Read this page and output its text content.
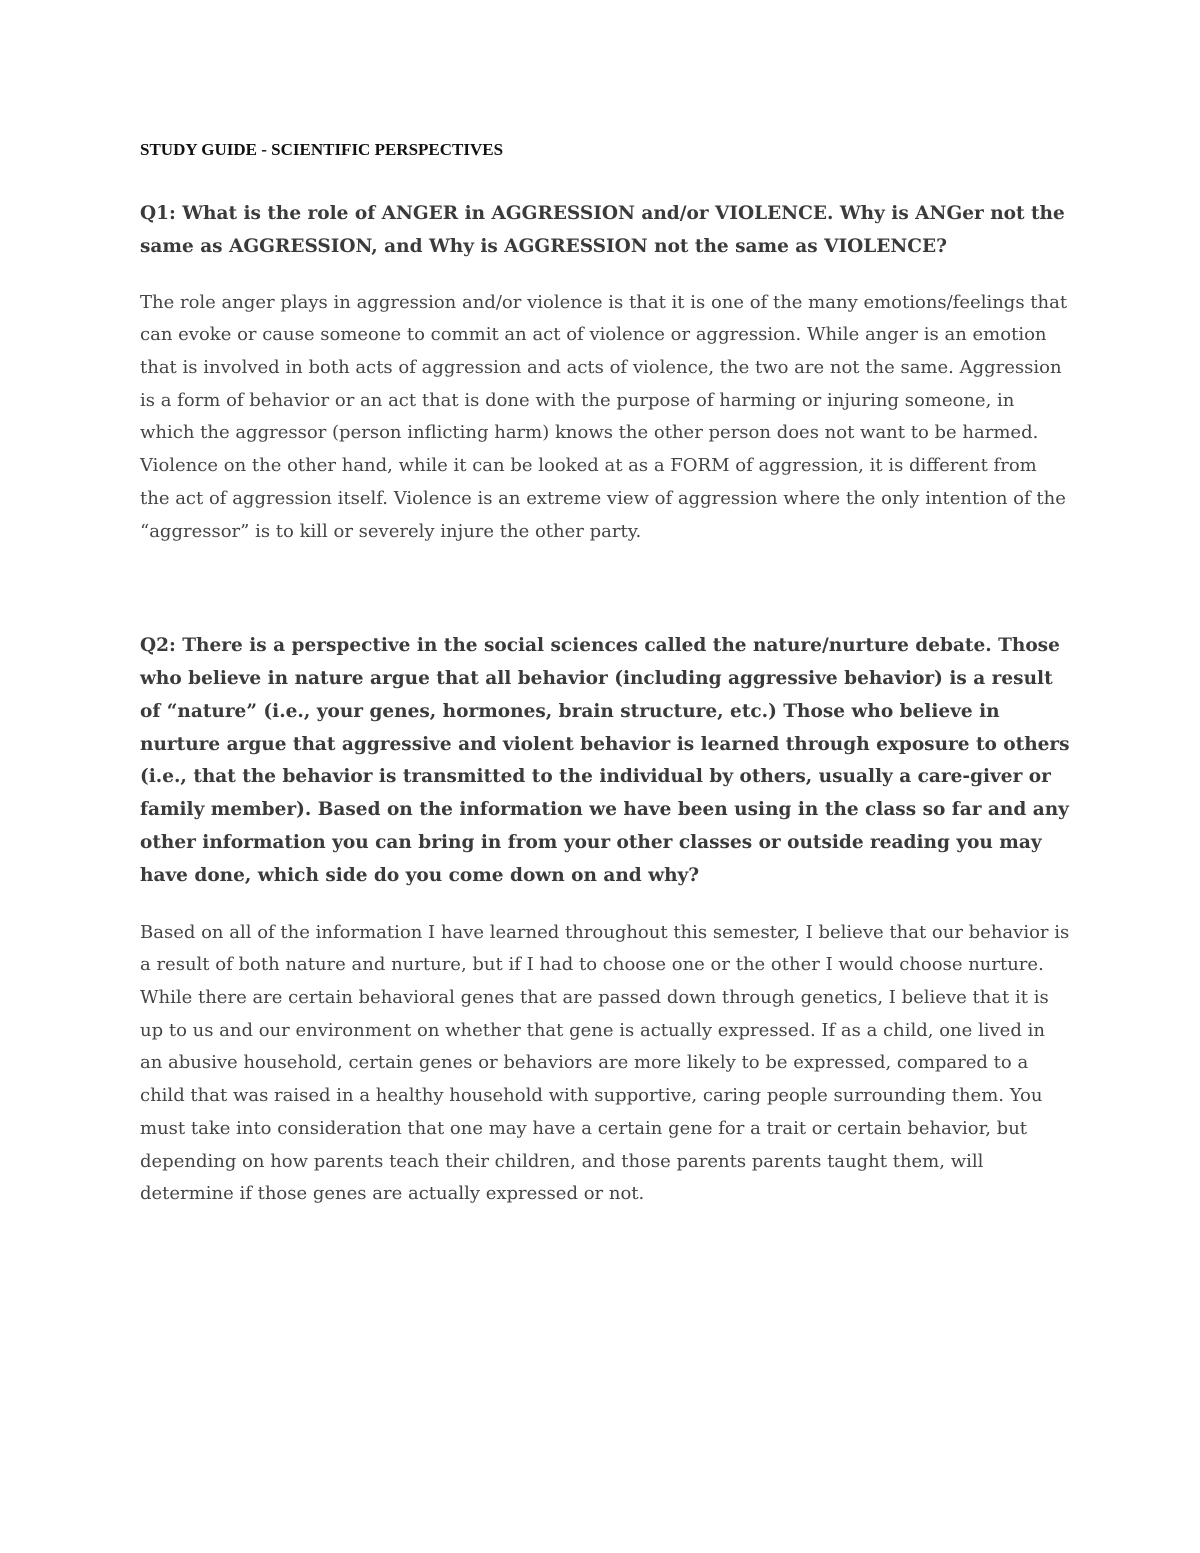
STUDY GUIDE - SCIENTIFIC PERSPECTIVES

Q1: What is the role of ANGER in AGGRESSION and/or VIOLENCE. Why is ANGer not the same as AGGRESSION, and Why is AGGRESSION not the same as VIOLENCE?

The role anger plays in aggression and/or violence is that it is one of the many emotions/feelings that can evoke or cause someone to commit an act of violence or aggression. While anger is an emotion that is involved in both acts of aggression and acts of violence, the two are not the same. Aggression is a form of behavior or an act that is done with the purpose of harming or injuring someone, in which the aggressor (person inflicting harm) knows the other person does not want to be harmed. Violence on the other hand, while it can be looked at as a FORM of aggression, it is different from the act of aggression itself. Violence is an extreme view of aggression where the only intention of the “aggressor” is to kill or severely injure the other party.

Q2: There is a perspective in the social sciences called the nature/nurture debate. Those who believe in nature argue that all behavior (including aggressive behavior) is a result of “nature” (i.e., your genes, hormones, brain structure, etc.) Those who believe in nurture argue that aggressive and violent behavior is learned through exposure to others (i.e., that the behavior is transmitted to the individual by others, usually a care-giver or family member). Based on the information we have been using in the class so far and any other information you can bring in from your other classes or outside reading you may have done, which side do you come down on and why?

Based on all of the information I have learned throughout this semester, I believe that our behavior is a result of both nature and nurture, but if I had to choose one or the other I would choose nurture. While there are certain behavioral genes that are passed down through genetics, I believe that it is up to us and our environment on whether that gene is actually expressed. If as a child, one lived in an abusive household, certain genes or behaviors are more likely to be expressed, compared to a child that was raised in a healthy household with supportive, caring people surrounding them. You must take into consideration that one may have a certain gene for a trait or certain behavior, but depending on how parents teach their children, and those parents parents taught them, will determine if those genes are actually expressed or not.
